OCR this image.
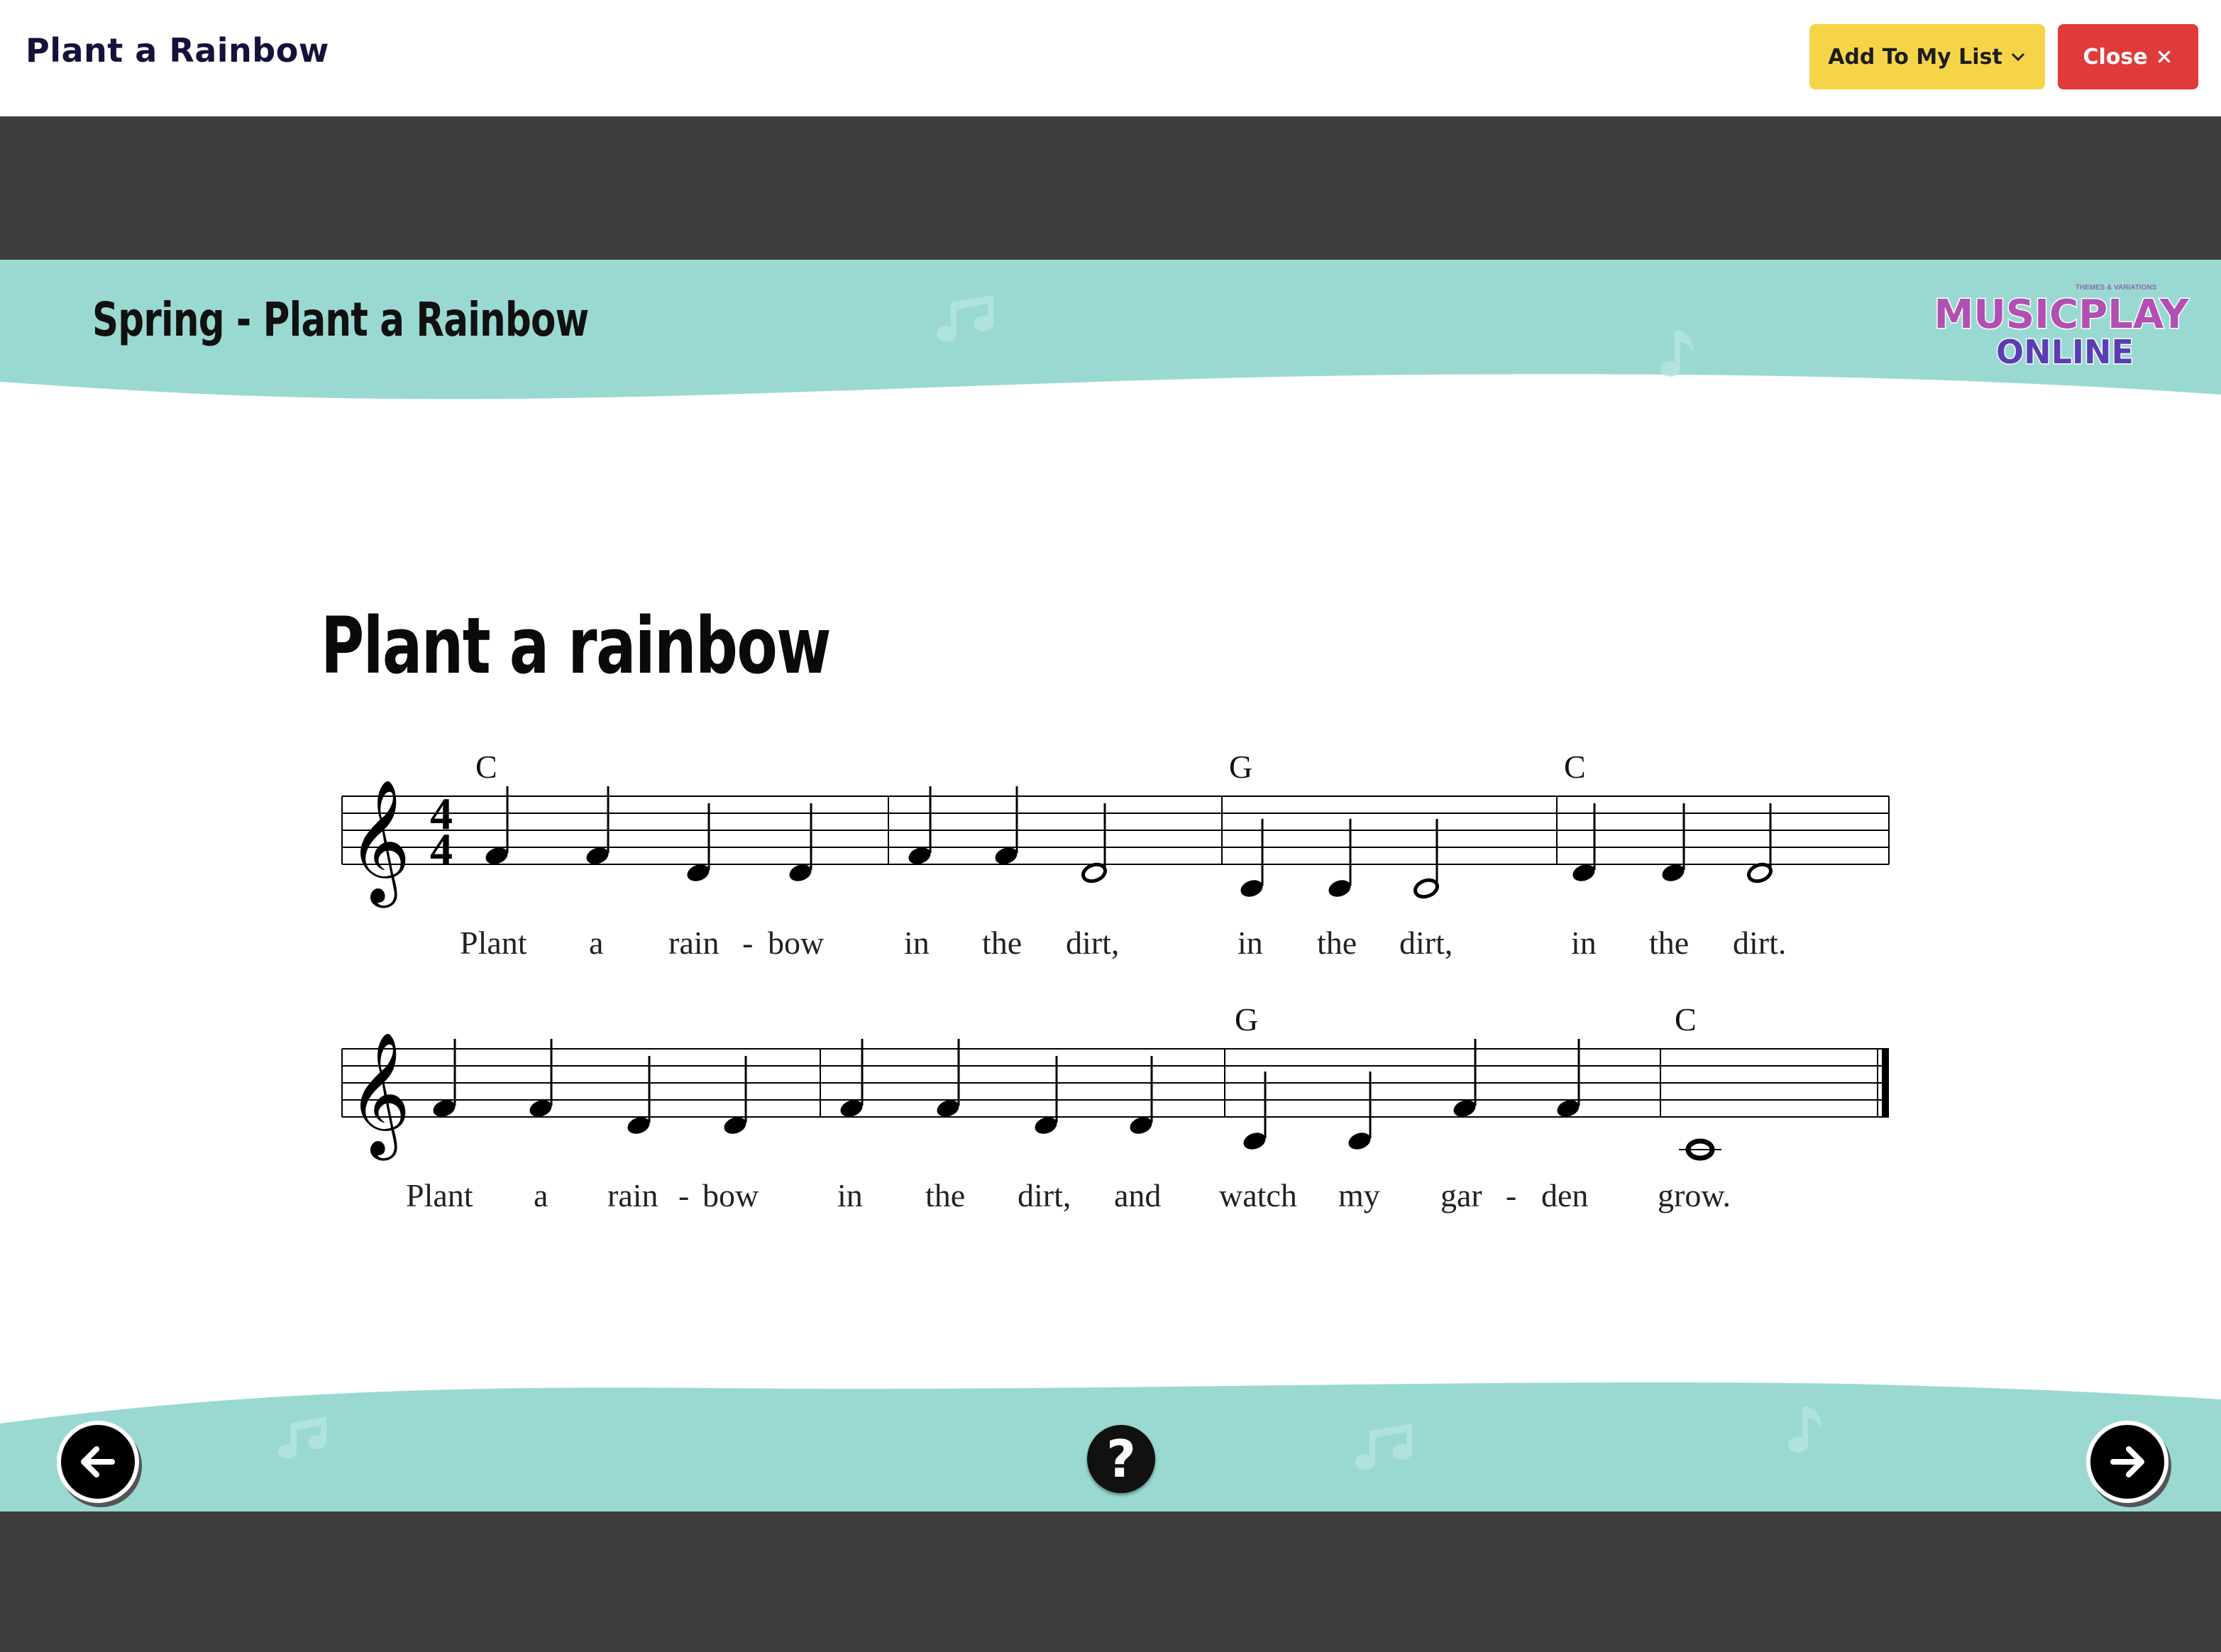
Plant a Rainbow	Add To My List	Close
Spring - Plant a Rainbow
THEMES & VARIATIONS
MUSICPLAY
ONLINE
Plant a rainbow
𝄞 4
4
𝄞
C	G	C
G	C
Plant a rain - bow in the dirt,	in the dirt,	in the dirt.
Plant a rain - bow in the dirt, and watch my gar - den grow.
?
